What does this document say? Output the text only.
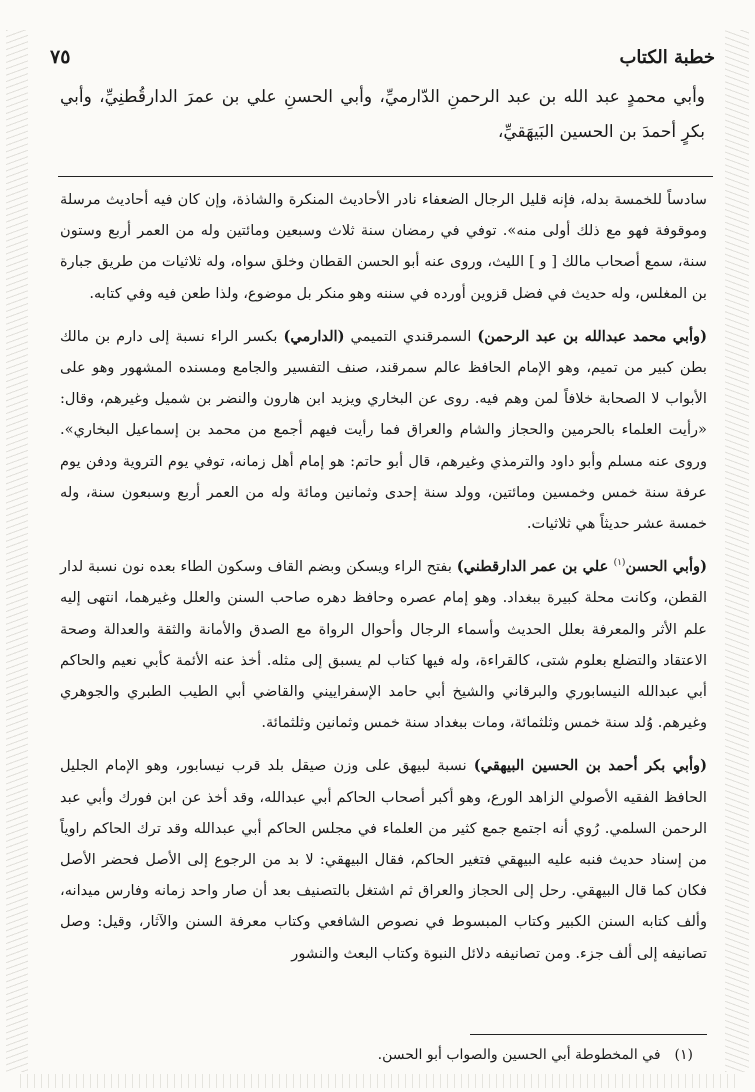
خطبة الكتاب
٧٥

وأبي محمدٍ عبد الله بن عبد الرحمنِ الدّارميِّ، وأبي الحسنِ علي بن عمرَ الدارقُطنِيِّ، وأبي بكرٍ أحمدَ بن الحسين البَيهَقيِّ،

سادساً للخمسة بدله، فإنه قليل الرجال الضعفاء نادر الأحاديث المنكرة والشاذة، وإن كان فيه أحاديث مرسلة وموقوفة فهو مع ذلك أولى منه». توفي في رمضان سنة ثلاث وسبعين ومائتين وله من العمر أربع وستون سنة، سمع أصحاب مالك [ و ] الليث، وروى عنه أبو الحسن القطان وخلق سواه، وله ثلاثيات من طريق جبارة بن المغلس، وله حديث في فضل قزوين أورده في سننه وهو منكر بل موضوع، ولذا طعن فيه وفي كتابه.

(وأبي محمد عبدالله بن عبد الرحمن) السمرقندي التميمي (الدارمي) بكسر الراء نسبة إلى دارم بن مالك بطن كبير من تميم، وهو الإمام الحافظ عالم سمرقند، صنف التفسير والجامع ومسنده المشهور وهو على الأبواب لا الصحابة خلافاً لمن وهم فيه. روى عن البخاري ويزيد ابن هارون والنضر بن شميل وغيرهم، وقال: «رأيت العلماء بالحرمين والحجاز والشام والعراق فما رأيت فيهم أجمع من محمد بن إسماعيل البخاري». وروى عنه مسلم وأبو داود والترمذي وغيرهم، قال أبو حاتم: هو إمام أهل زمانه، توفي يوم التروية ودفن يوم عرفة سنة خمس وخمسين ومائتين، وولد سنة إحدى وثمانين ومائة وله من العمر أربع وسبعون سنة، وله خمسة عشر حديثاً هي ثلاثيات.

(وأبي الحسن$^{(١)}$ علي بن عمر الدارقطني) بفتح الراء ويسكن وبضم القاف وسكون الطاء بعده نون نسبة لدار القطن، وكانت محلة كبيرة ببغداد. وهو إمام عصره وحافظ دهره صاحب السنن والعلل وغيرهما، انتهى إليه علم الأثر والمعرفة بعلل الحديث وأسماء الرجال وأحوال الرواة مع الصدق والأمانة والثقة والعدالة وصحة الاعتقاد والتضلع بعلوم شتى، كالقراءة، وله فيها كتاب لم يسبق إلى مثله. أخذ عنه الأئمة كأبي نعيم والحاكم أبي عبدالله النيسابوري والبرقاني والشيخ أبي حامد الإسفراييني والقاضي أبي الطيب الطبري والجوهري وغيرهم. وُلد سنة خمس وثلثمائة، ومات ببغداد سنة خمس وثمانين وثلثمائة.

(وأبي بكر أحمد بن الحسين البيهقي) نسبة لبيهق على وزن صيقل بلد قرب نيسابور، وهو الإمام الجليل الحافظ الفقيه الأصولي الزاهد الورع، وهو أكبر أصحاب الحاكم أبي عبدالله، وقد أخذ عن ابن فورك وأبي عبد الرحمن السلمي. رُوي أنه اجتمع جمع كثير من العلماء في مجلس الحاكم أبي عبدالله وقد ترك الحاكم راوياً من إسناد حديث فنبه عليه البيهقي فتغير الحاكم، فقال البيهقي: لا بد من الرجوع إلى الأصل فحضر الأصل فكان كما قال البيهقي. رحل إلى الحجاز والعراق ثم اشتغل بالتصنيف بعد أن صار واحد زمانه وفارس ميدانه، وألف كتابه السنن الكبير وكتاب المبسوط في نصوص الشافعي وكتاب معرفة السنن والآثار، وقيل: وصل تصانيفه إلى ألف جزء. ومن تصانيفه دلائل النبوة وكتاب البعث والنشور

(١)في المخطوطة أبي الحسين والصواب أبو الحسن.
